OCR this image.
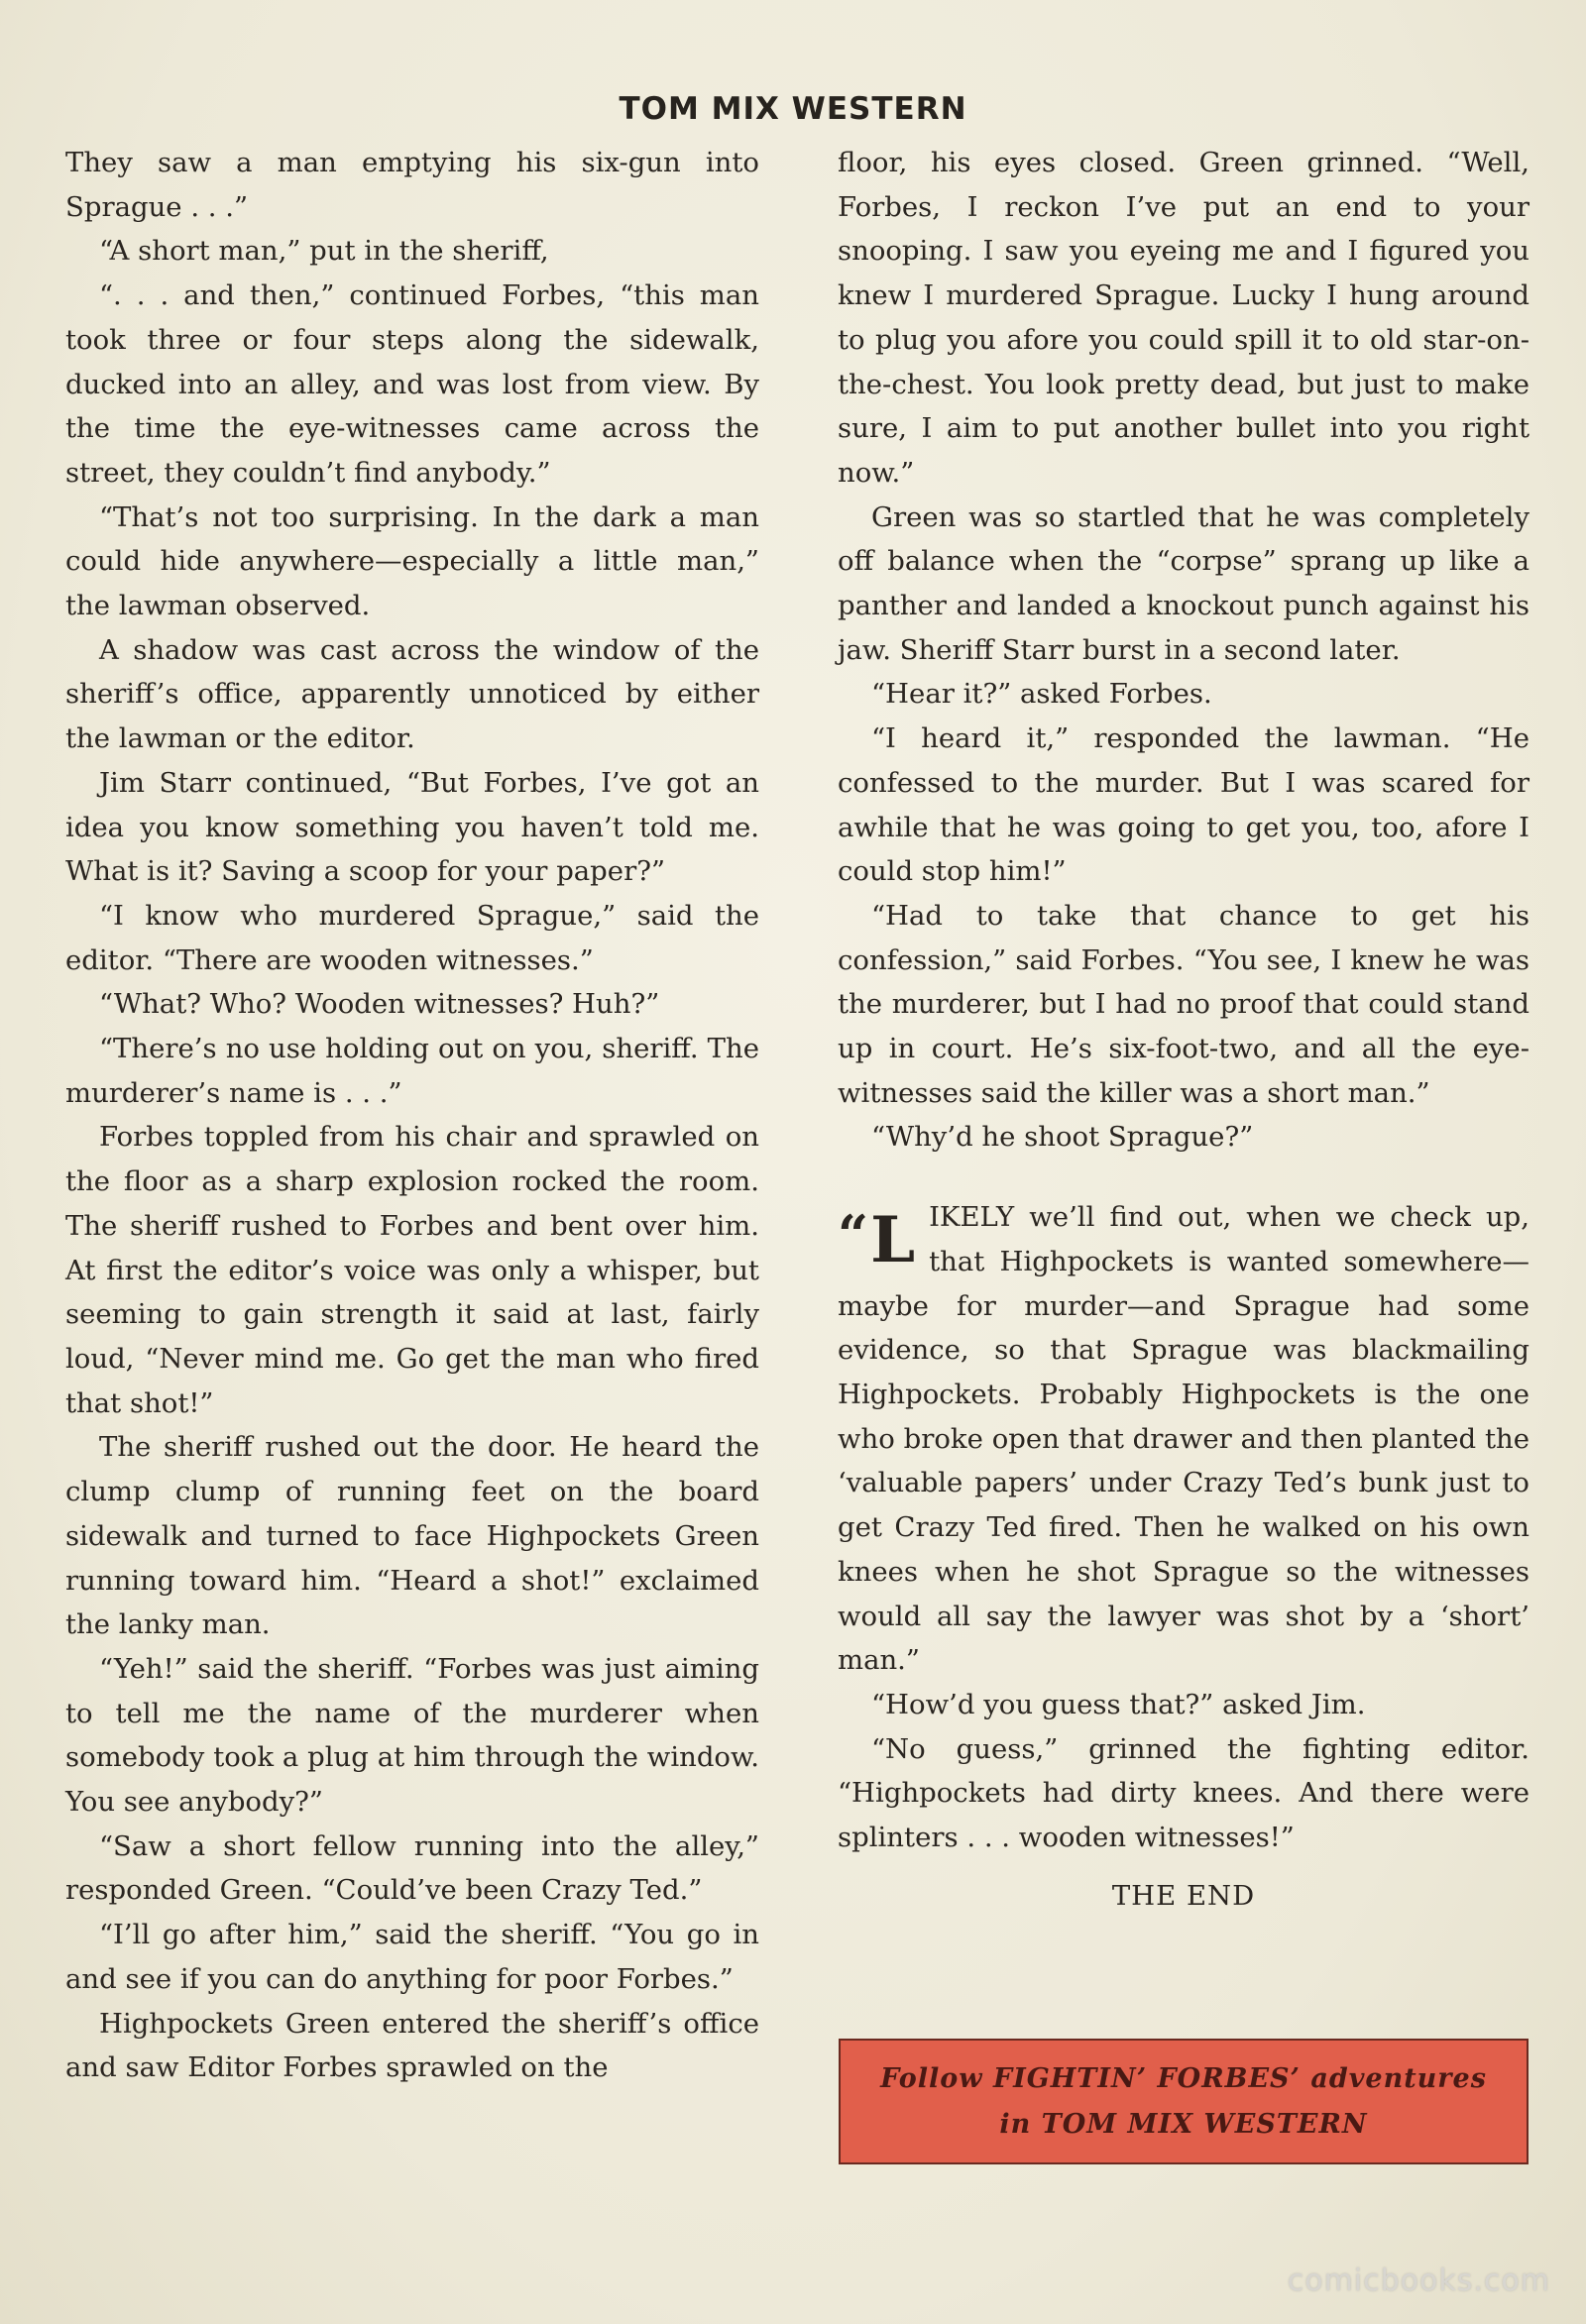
TOM MIX WESTERN

They saw a man emptying his six-gun into Sprague . . .”

“A short man,” put in the sheriff,

“. . . and then,” continued Forbes, “this man took three or four steps along the sidewalk, ducked into an alley, and was lost from view. By the time the eye-witnesses came across the street, they couldn’t find anybody.”

“That’s not too surprising. In the dark a man could hide anywhere—especially a little man,” the lawman observed.

A shadow was cast across the window of the sheriff’s office, apparently unnoticed by either the lawman or the editor.

Jim Starr continued, “But Forbes, I’ve got an idea you know something you haven’t told me. What is it? Saving a scoop for your paper?”

“I know who murdered Sprague,” said the editor. “There are wooden witnesses.”

“What? Who? Wooden witnesses? Huh?”

“There’s no use holding out on you, sheriff. The murderer’s name is . . .”

Forbes toppled from his chair and sprawled on the floor as a sharp explosion rocked the room. The sheriff rushed to Forbes and bent over him. At first the editor’s voice was only a whisper, but seeming to gain strength it said at last, fairly loud, “Never mind me. Go get the man who fired that shot!”

The sheriff rushed out the door. He heard the clump clump of running feet on the board sidewalk and turned to face Highpockets Green running toward him. “Heard a shot!” exclaimed the lanky man.

“Yeh!” said the sheriff. “Forbes was just aiming to tell me the name of the murderer when somebody took a plug at him through the window. You see anybody?”

“Saw a short fellow running into the alley,” responded Green. “Could’ve been Crazy Ted.”

“I’ll go after him,” said the sheriff. “You go in and see if you can do anything for poor Forbes.”

Highpockets Green entered the sheriff’s office and saw Editor Forbes sprawled on the

floor, his eyes closed. Green grinned. “Well, Forbes, I reckon I’ve put an end to your snooping. I saw you eyeing me and I figured you knew I murdered Sprague. Lucky I hung around to plug you afore you could spill it to old star-on-the-chest. You look pretty dead, but just to make sure, I aim to put another bullet into you right now.”

Green was so startled that he was completely off balance when the “corpse” sprang up like a panther and landed a knockout punch against his jaw. Sheriff Starr burst in a second later.

“Hear it?” asked Forbes.

“I heard it,” responded the lawman. “He confessed to the murder. But I was scared for awhile that he was going to get you, too, afore I could stop him!”

“Had to take that chance to get his confession,” said Forbes. “You see, I knew he was the murderer, but I had no proof that could stand up in court. He’s six-foot-two, and all the eye-witnesses said the killer was a short man.”

“Why’d he shoot Sprague?”

“L IKELY we’ll find out, when we check up, that Highpockets is wanted somewhere—maybe for murder—and Sprague had some evidence, so that Sprague was blackmailing Highpockets. Probably Highpockets is the one who broke open that drawer and then planted the ‘valuable papers’ under Crazy Ted’s bunk just to get Crazy Ted fired. Then he walked on his own knees when he shot Sprague so the witnesses would all say the lawyer was shot by a ‘short’ man.”

“How’d you guess that?” asked Jim.

“No guess,” grinned the fighting editor. “Highpockets had dirty knees. And there were splinters . . . wooden witnesses!”

THE END

Follow FIGHTIN’ FORBES’ adventures
in TOM MIX WESTERN
comicbooks.com
